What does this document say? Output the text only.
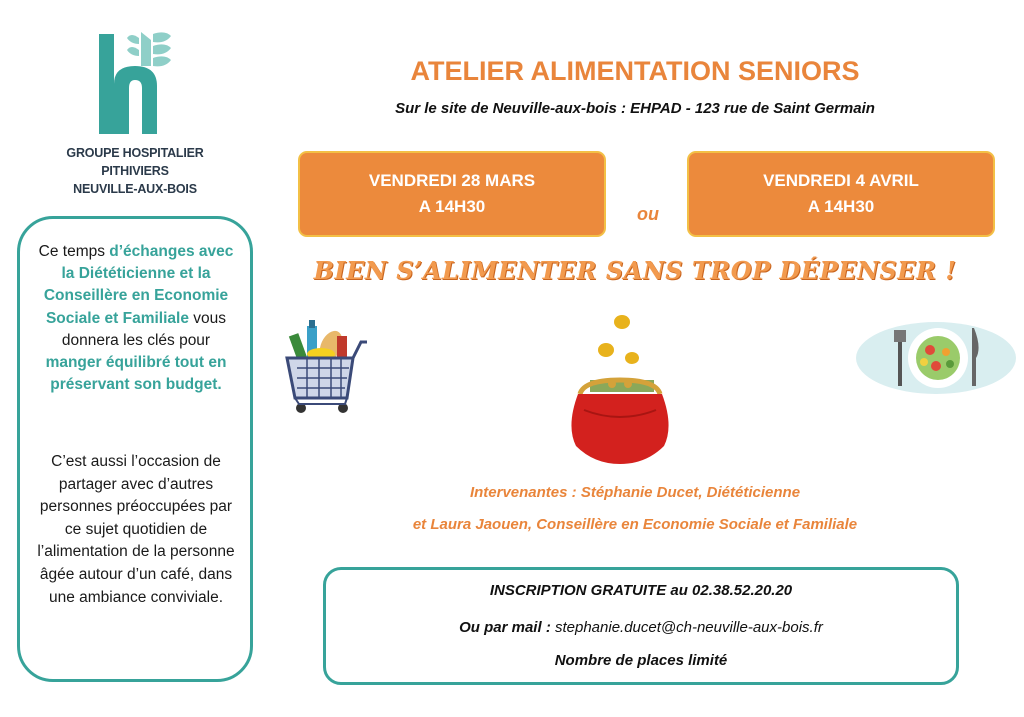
GROUPE HOSPITALIER
PITHIVIERS
NEUVILLE-AUX-BOIS
ATELIER ALIMENTATION SENIORS
Sur le site de Neuville-aux-bois : EHPAD - 123 rue de Saint Germain
VENDREDI 28 MARS
A 14H30	ou
VENDREDI 4 AVRIL
A 14H30
BIEN S’ALIMENTER SANS TROP DÉPENSER !
Ce temps d’échanges avec la Diététicienne et la Conseillère en Economie Sociale et Familiale vous donnera les clés pour manger équilibré tout en préservant son budget.
C’est aussi l’occasion de partager avec d’autres personnes préoccupées par ce sujet quotidien de l’alimentation de la personne âgée autour d’un café, dans une ambiance conviviale.
Intervenantes : Stéphanie Ducet, Diététicienne
et Laura Jaouen, Conseillère en Economie Sociale et Familiale
INSCRIPTION GRATUITE au 02.38.52.20.20
Ou par mail : stephanie.ducet@ch-neuville-aux-bois.fr
Nombre de places limité
